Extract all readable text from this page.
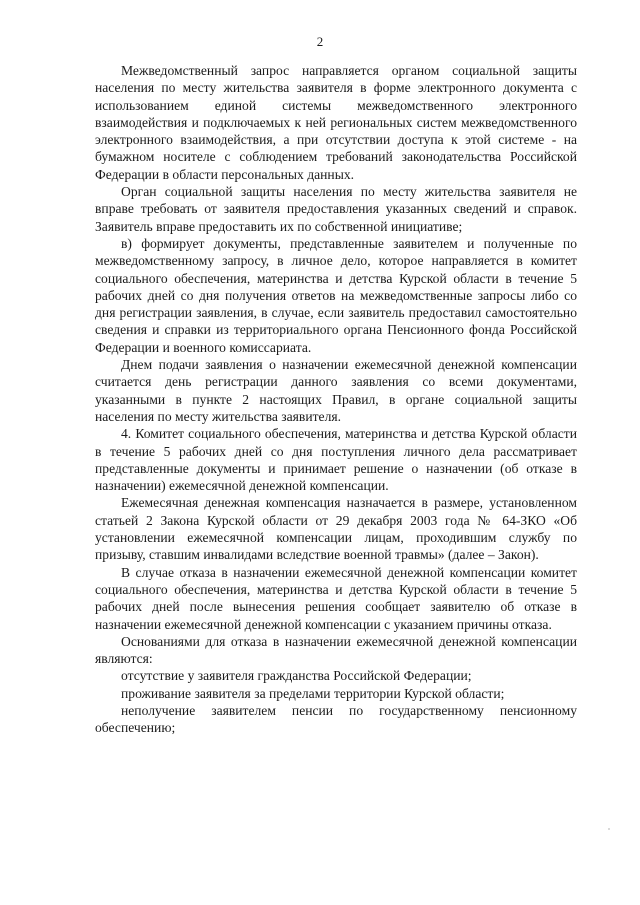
2

Межведомственный запрос направляется органом социальной защиты населения по месту жительства заявителя в форме электронного документа с использованием единой системы межведомственного электронного взаимодействия и подключаемых к ней региональных систем межведомственного электронного взаимодействия, а при отсутствии доступа к этой системе - на бумажном носителе с соблюдением требований законодательства Российской Федерации в области персональных данных.

Орган социальной защиты населения по месту жительства заявителя не вправе требовать от заявителя предоставления указанных сведений и справок. Заявитель вправе предоставить их по собственной инициативе;

в) формирует документы, представленные заявителем и полученные по межведомственному запросу, в личное дело, которое направляется в комитет социального обеспечения, материнства и детства Курской области в течение 5 рабочих дней со дня получения ответов на межведомственные запросы либо со дня регистрации заявления, в случае, если заявитель предоставил самостоятельно сведения и справки из территориального органа Пенсионного фонда Российской Федерации и военного комиссариата.

Днем подачи заявления о назначении ежемесячной денежной компенсации считается день регистрации данного заявления со всеми документами, указанными в пункте 2 настоящих Правил, в органе социальной защиты населения по месту жительства заявителя.

4. Комитет социального обеспечения, материнства и детства Курской области в течение 5 рабочих дней со дня поступления личного дела рассматривает представленные документы и принимает решение о назначении (об отказе в назначении) ежемесячной денежной компенсации.

Ежемесячная денежная компенсация назначается в размере, установленном статьей 2 Закона Курской области от 29 декабря 2003 года № 64-ЗКО «Об установлении ежемесячной компенсации лицам, проходившим службу по призыву, ставшим инвалидами вследствие военной травмы» (далее – Закон).

В случае отказа в назначении ежемесячной денежной компенсации комитет социального обеспечения, материнства и детства Курской области в течение 5 рабочих дней после вынесения решения сообщает заявителю об отказе в назначении ежемесячной денежной компенсации с указанием причины отказа.

Основаниями для отказа в назначении ежемесячной денежной компенсации являются:

отсутствие у заявителя гражданства Российской Федерации;

проживание заявителя за пределами территории Курской области;

неполучение заявителем пенсии по государственному пенсионному обеспечению;
